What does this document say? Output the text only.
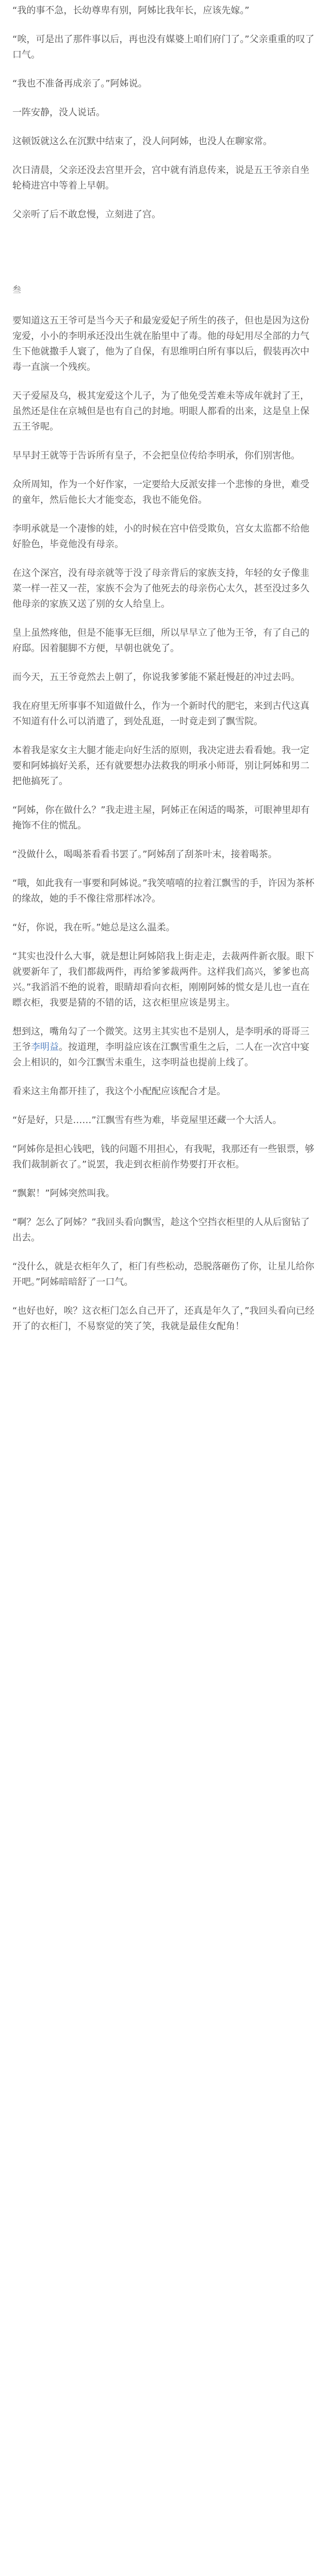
“我的事不急，长幼尊卑有别，阿姊比我年长，应该先嫁。”

“唉，可是出了那件事以后，再也没有媒婆上咱们府门了。”父亲重重的叹了口气。

“我也不准备再成亲了。”阿姊说。

一阵安静，没人说话。

这顿饭就这么在沉默中结束了，没人问阿姊，也没人在聊家常。

次日清晨，父亲还没去宫里开会，宫中就有消息传来，说是五王爷亲自坐轮椅进宫中等着上早朝。

父亲听了后不敢怠慢，立刻进了宫。

叁

要知道这五王爷可是当今天子和最宠爱妃子所生的孩子，但也是因为这份宠爱，小小的李明承还没出生就在胎里中了毒。他的母妃用尽全部的力气生下他就撒手人寰了，他为了自保，有思维明白所有事以后，假装再次中毒一直演一个残疾。

天子爱屋及乌，极其宠爱这个儿子，为了他免受苦难未等成年就封了王，虽然还是住在京城但是也有自己的封地。明眼人都看的出来，这是皇上保五王爷呢。

早早封王就等于告诉所有皇子，不会把皇位传给李明承，你们别害他。

众所周知，作为一个好作家，一定要给大反派安排一个悲惨的身世，难受的童年，然后他长大才能变态，我也不能免俗。

李明承就是一个凄惨的娃，小的时候在宫中倍受欺负，宫女太监都不给他好脸色，毕竟他没有母亲。

在这个深宫，没有母亲就等于没了母亲背后的家族支持，年轻的女子像韭菜一样一茬又一茬，家族不会为了他死去的母亲伤心太久，甚至没过多久他母亲的家族又送了别的女人给皇上。

皇上虽然疼他，但是不能事无巨细，所以早早立了他为王爷，有了自己的府邸。因着腿脚不方便，早朝也就免了。

而今天，五王爷竟然去上朝了，你说我爹爹能不紧赶慢赶的冲过去吗。

我在府里无所事事不知道做什么，作为一个新时代的肥宅，来到古代这真不知道有什么可以消遣了，到处乱逛，一时竟走到了飘雪院。

本着我是家女主大腿才能走向好生活的原则，我决定进去看看她。我一定要和阿姊搞好关系，还有就要想办法救我的明承小师哥，别让阿姊和男二把他搞死了。

“阿姊，你在做什么？”我走进主屋，阿姊正在闲适的喝茶，可眼神里却有掩饰不住的慌乱。

“没做什么，喝喝茶看看书罢了。”阿姊刮了刮茶叶末，接着喝茶。

“哦，如此我有一事要和阿姊说。”我笑嘻嘻的拉着江飘雪的手，许因为茶杯的缘故，她的手不像往常那样冰冷。

“好，你说，我在听。”她总是这么温柔。

“其实也没什么大事，就是想让阿姊陪我上街走走，去裁两件新衣服。眼下就要新年了，我们都裁两件，再给爹爹裁两件。这样我们高兴，爹爹也高兴。”我滔滔不绝的说着，眼睛却看向衣柜，刚刚阿姊的慌女是儿也一直在瞟衣柜，我要是猜的不错的话，这衣柜里应该是男主。

想到这，嘴角勾了一个微笑。这男主其实也不是别人，是李明承的哥哥三王爷李明益。按道理，李明益应该在江飘雪重生之后，二人在一次宫中宴会上相识的，如今江飘雪未重生，这李明益也提前上线了。

看来这主角都开挂了，我这个小配配应该配合才是。

“好是好，只是……”江飘雪有些为难，毕竟屋里还藏一个大活人。

“阿姊你是担心钱吧，钱的问题不用担心，有我呢，我那还有一些银票，够我们裁制新衣了。”说罢，我走到衣柜前作势要打开衣柜。

“飘絮！”阿姊突然叫我。

“啊？怎么了阿姊？”我回头看向飘雪，趁这个空挡衣柜里的人从后窗钻了出去。

“没什么，就是衣柜年久了，柜门有些松动，恐脱落砸伤了你，让星儿给你开吧。”阿姊暗暗舒了一口气。

“也好也好，唉？这衣柜门怎么自己开了，还真是年久了，”我回头看向已经开了的衣柜门，不易察觉的笑了笑，我就是最佳女配角！
